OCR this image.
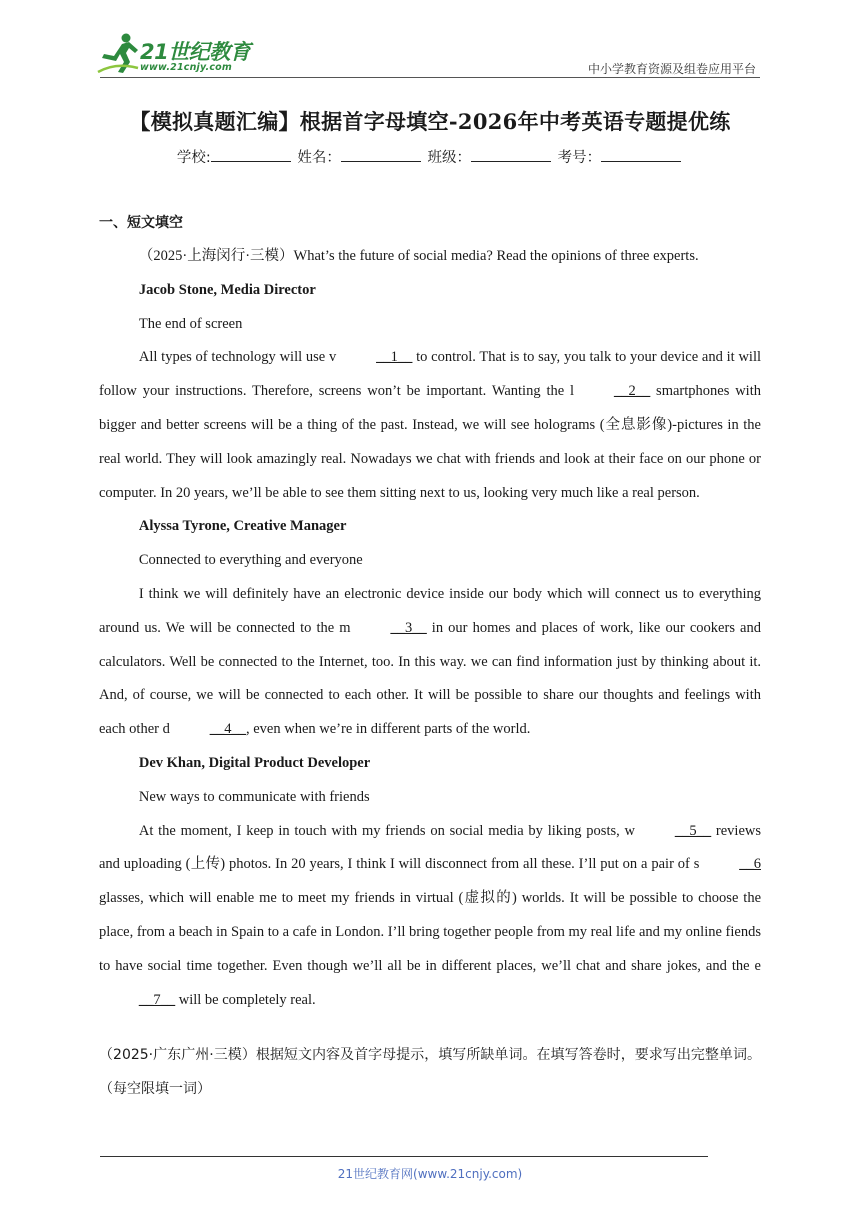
21世纪教育
www.21cnjy.com	中小学教育资源及组卷应用平台
【模拟真题汇编】根据首字母填空-2026年中考英语专题提优练
学校:	姓名：	班级：	考号：
一、短文填空

（2025·上海闵行·三模）What’s the future of social media? Read the opinions of three experts.

Jacob Stone, Media Director

The end of screen

All types of technology will use v	__1__ to control. That is to say, you talk to your device and it will follow your instructions. Therefore, screens won’t be important. Wanting the l	__2__ smartphones with bigger and better screens will be a thing of the past. Instead, we will see holograms (全息影像)-pictures in the real world. They will look amazingly real. Nowadays we chat with friends and look at their face on our phone or computer. In 20 years, we’ll be able to see them sitting next to us, looking very much like a real person.

Alyssa Tyrone, Creative Manager

Connected to everything and everyone

I think we will definitely have an electronic device inside our body which will connect us to everything around us. We will be connected to the m	__3__ in our homes and places of work, like our cookers and calculators. Well be connected to the Internet, too. In this way. we can find information just by thinking about it. And, of course, we will be connected to each other. It will be possible to share our thoughts and feelings with each other d	__4__, even when we’re in different parts of the world.

Dev Khan, Digital Product Developer

New ways to communicate with friends

At the moment, I keep in touch with my friends on social media by liking posts, w	__5__ reviews and uploading (上传) photos. In 20 years, I think I will disconnect from all these. I’ll put on a pair of s	__6 glasses, which will enable me to meet my friends in virtual (虚拟的) worlds. It will be possible to choose the place, from a beach in Spain to a cafe in London. I’ll bring together people from my real life and my online fiends to have social time together. Even though we’ll all be in different places, we’ll chat and share jokes, and the e__7__ will be completely real.

（2025·广东广州·三模）根据短文内容及首字母提示，填写所缺单词。在填写答卷时，要求写出完整单词。（每空限填一词）

21世纪教育网(www.21cnjy.com)
